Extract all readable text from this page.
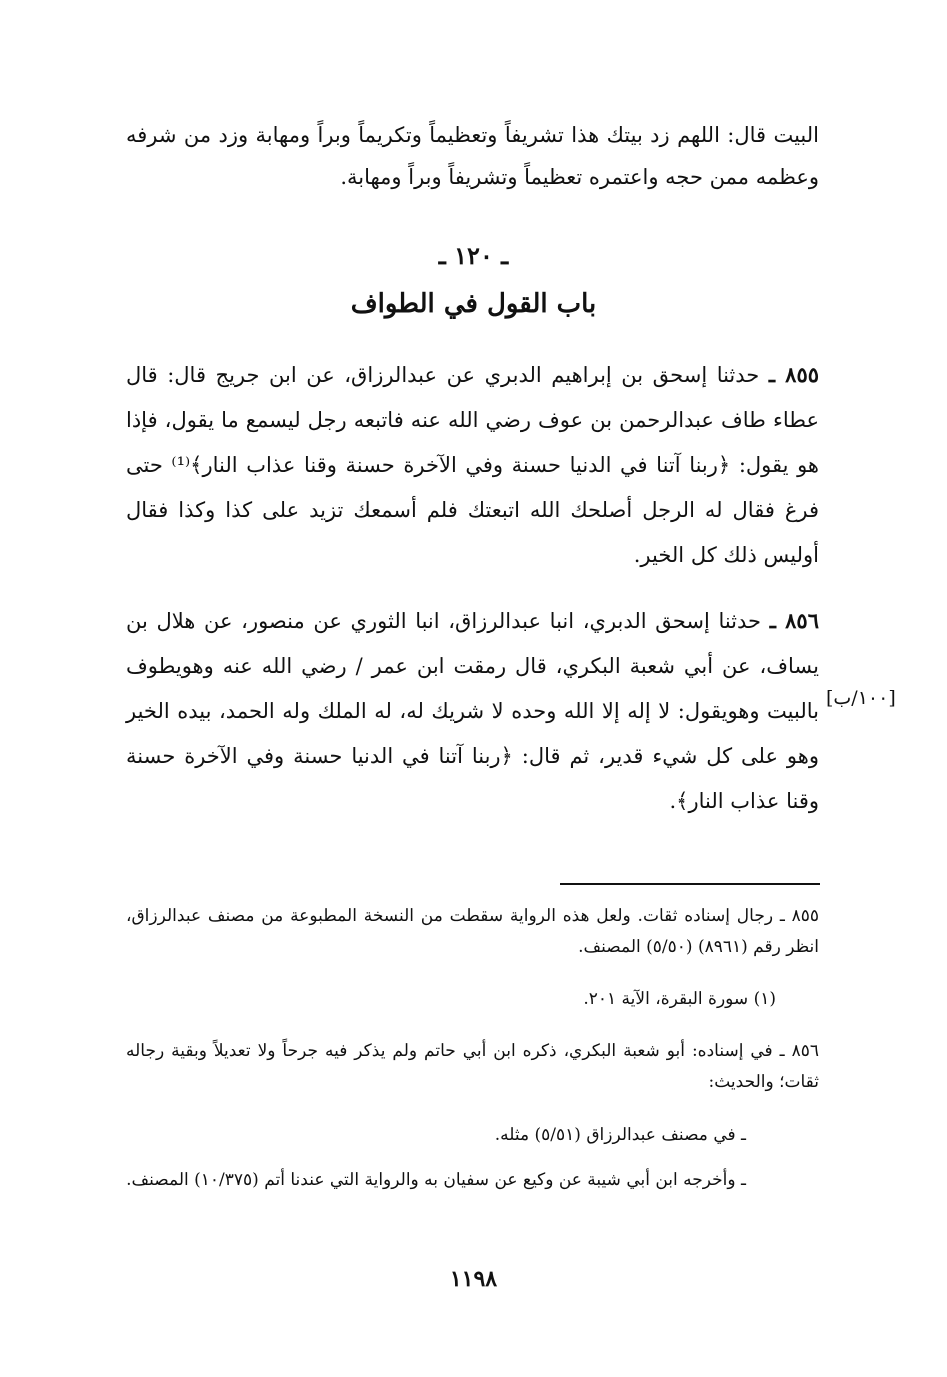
البيت قال: اللهم زد بيتك هذا تشريفاً وتعظيماً وتكريماً وبراً ومهابة وزد من شرفه وعظمه ممن حجه واعتمره تعظيماً وتشريفاً وبراً ومهابة.

ـ ١٢٠ ـ
باب القول في الطواف

٨٥٥ ـ حدثنا إسحق بن إبراهيم الدبري عن عبدالرزاق، عن ابن جريج قال: قال عطاء طاف عبدالرحمن بن عوف رضي الله عنه فاتبعه رجل ليسمع ما يقول، فإذا هو يقول: ﴿ربنا آتنا في الدنيا حسنة وفي الآخرة حسنة وقنا عذاب النار﴾⁽¹⁾ حتى فرغ فقال له الرجل أصلحك الله اتبعتك فلم أسمعك تزيد على كذا وكذا فقال أوليس ذلك كل الخير.

٨٥٦ ـ حدثنا إسحق الدبري، انبا عبدالرزاق، انبا الثوري عن منصور، عن هلال بن يساف، عن أبي شعبة البكري، قال رمقت ابن عمر / رضي الله عنه وهويطوف بالبيت وهويقول: لا إله إلا الله وحده لا شريك له، له الملك وله الحمد، بيده الخير وهو على كل شيء قدير، ثم قال: ﴿ربنا آتنا في الدنيا حسنة وفي الآخرة حسنة وقنا عذاب النار﴾.

[١٠٠/ب]

٨٥٥ ـ رجال إسناده ثقات. ولعل هذه الرواية سقطت من النسخة المطبوعة من مصنف عبدالرزاق، انظر رقم (٨٩٦١) (٥/٥٠) المصنف.

(١) سورة البقرة، الآية ٢٠١.

٨٥٦ ـ في إسناده: أبو شعبة البكري، ذكره ابن أبي حاتم ولم يذكر فيه جرحاً ولا تعديلاً وبقية رجاله ثقات؛ والحديث:

ـ في مصنف عبدالرزاق (٥/٥١) مثله.

ـ وأخرجه ابن أبي شيبة عن وكيع عن سفيان به والرواية التي عندنا أتم (١٠/٣٧٥) المصنف.

١١٩٨
